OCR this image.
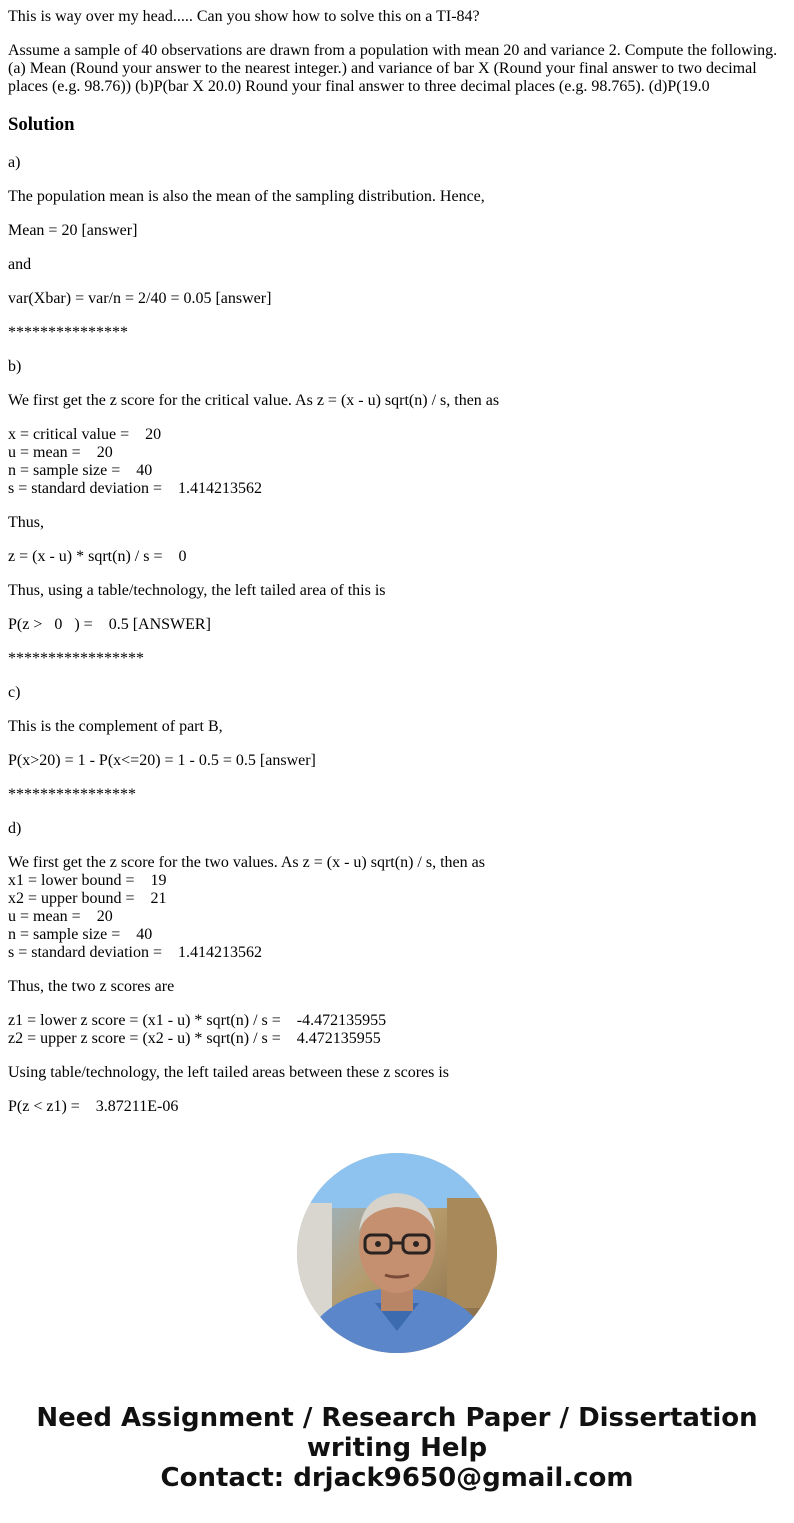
This is way over my head..... Can you show how to solve this on a TI-84?

Assume a sample of 40 observations are drawn from a population with mean 20 and variance 2. Compute the following. (a) Mean (Round your answer to the nearest integer.) and variance of bar X (Round your final answer to two decimal places (e.g. 98.76)) (b)P(bar X 20.0) Round your final answer to three decimal places (e.g. 98.765). (d)P(19.0

Solution

a)

The population mean is also the mean of the sampling distribution. Hence,

Mean = 20 [answer]

and

var(Xbar) = var/n = 2/40 = 0.05 [answer]

***************

b)

We first get the z score for the critical value. As z = (x - u) sqrt(n) / s, then as

x = critical value =    20
u = mean =    20
n = sample size =    40
s = standard deviation =    1.414213562

Thus,

z = (x - u) * sqrt(n) / s =    0

Thus, using a table/technology, the left tailed area of this is

P(z >   0   ) =    0.5 [ANSWER]

*****************

c)

This is the complement of part B,

P(x>20) = 1 - P(x<=20) = 1 - 0.5 = 0.5 [answer]

****************

d)

We first get the z score for the two values. As z = (x - u) sqrt(n) / s, then as
x1 = lower bound =    19
x2 = upper bound =    21
u = mean =    20
n = sample size =    40
s = standard deviation =    1.414213562

Thus, the two z scores are

z1 = lower z score = (x1 - u) * sqrt(n) / s =    -4.472135955
z2 = upper z score = (x2 - u) * sqrt(n) / s =    4.472135955

Using table/technology, the left tailed areas between these z scores is

P(z < z1) =    3.87211E-06

Need Assignment / Research Paper / Dissertation
writing Help
Contact: drjack9650@gmail.com
